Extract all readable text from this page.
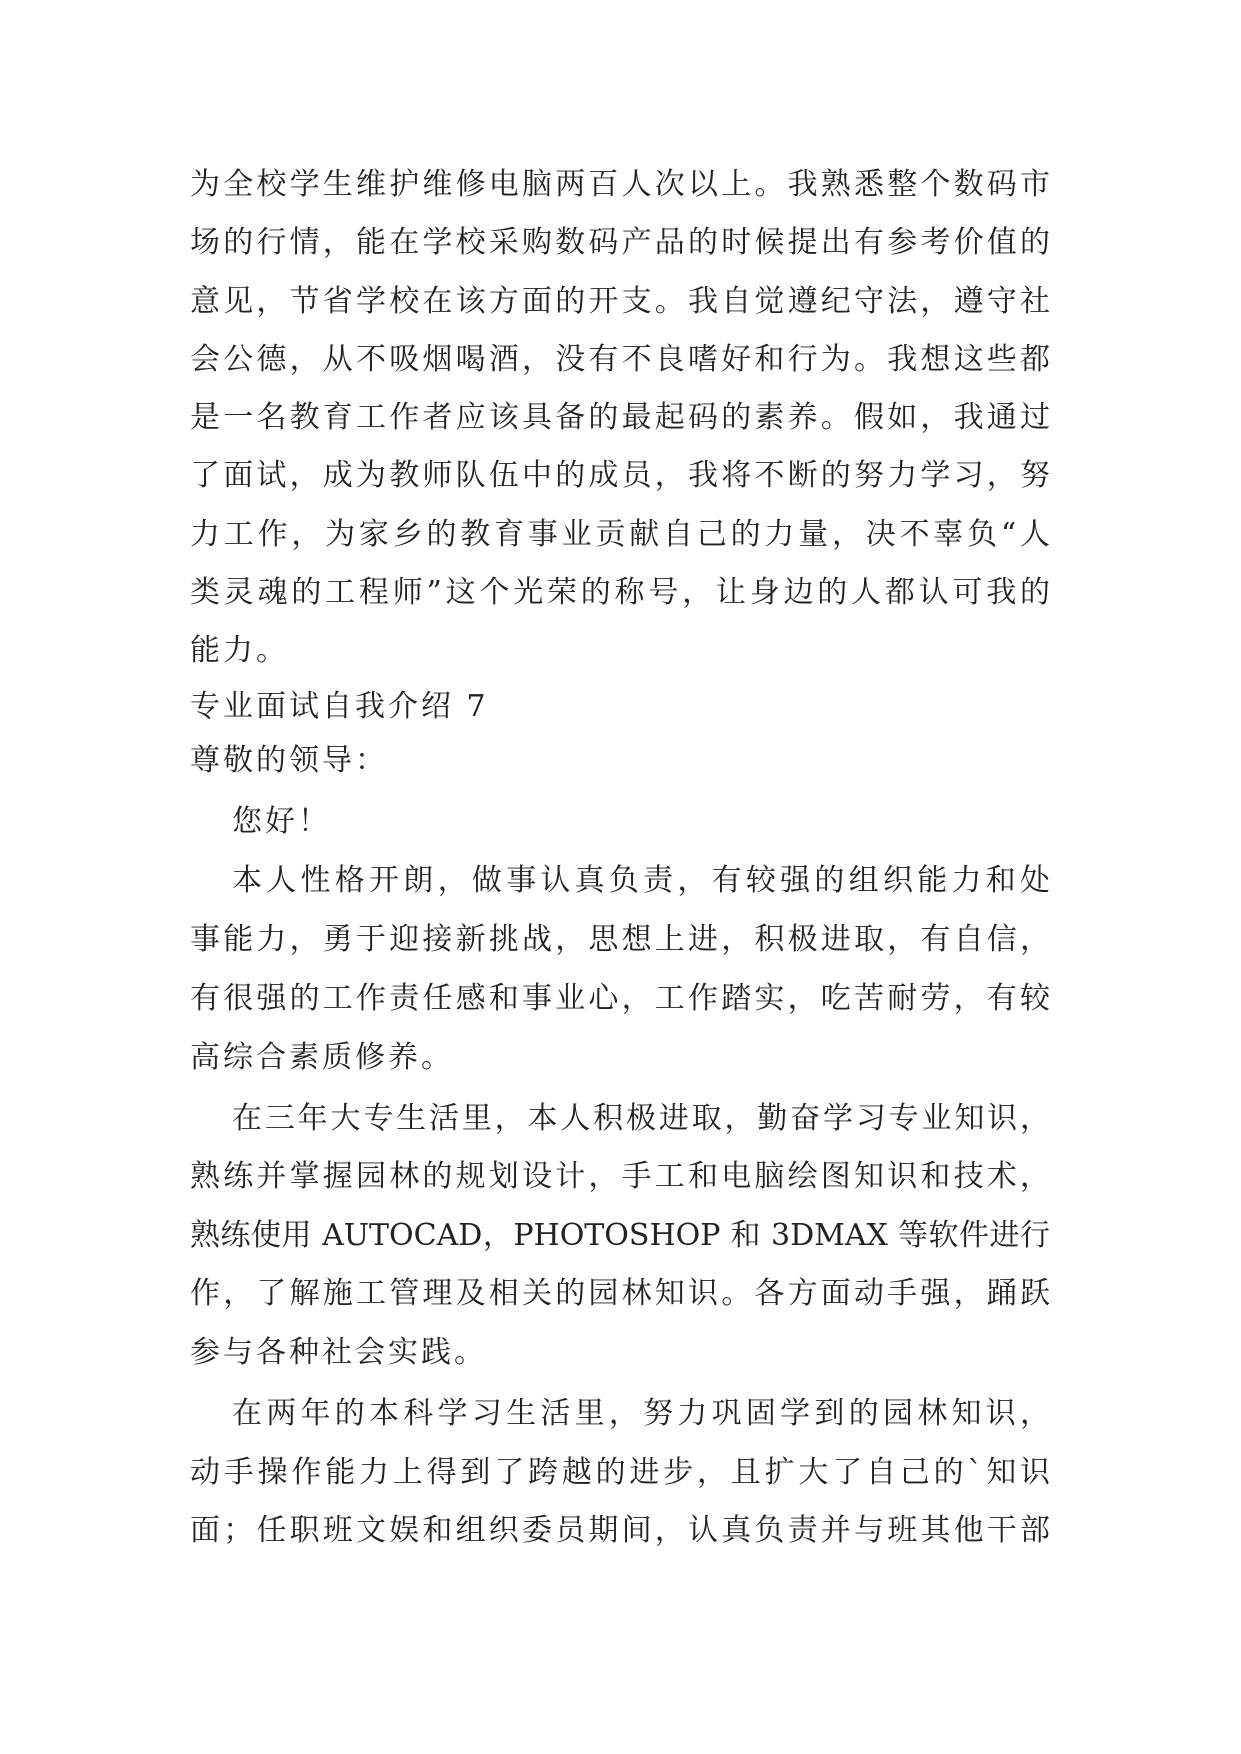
为全校学生维护维修电脑两百人次以上。我熟悉整个数码市
场的行情，能在学校采购数码产品的时候提出有参考价值的
意见，节省学校在该方面的开支。我自觉遵纪守法，遵守社
会公德，从不吸烟喝酒，没有不良嗜好和行为。我想这些都
是一名教育工作者应该具备的最起码的素养。假如，我通过
了面试，成为教师队伍中的成员，我将不断的努力学习，努
力工作，为家乡的教育事业贡献自己的力量，决不辜负“人
类灵魂的工程师”这个光荣的称号，让身边的人都认可我的
能力。
专业面试自我介绍 7
尊敬的领导：
您好！
本人性格开朗，做事认真负责，有较强的组织能力和处
事能力，勇于迎接新挑战，思想上进，积极进取，有自信，
有很强的工作责任感和事业心，工作踏实，吃苦耐劳，有较
高综合素质修养。
在三年大专生活里，本人积极进取，勤奋学习专业知识，
熟练并掌握园林的规划设计，手工和电脑绘图知识和技术，
熟练使用 AUTOCAD，PHOTOSHOP 和 3DMAX 等软件进行
作，了解施工管理及相关的园林知识。各方面动手强，踊跃
参与各种社会实践。
在两年的本科学习生活里，努力巩固学到的园林知识，
动手操作能力上得到了跨越的进步，且扩大了自己的`知识
面；任职班文娱和组织委员期间，认真负责并与班其他干部
